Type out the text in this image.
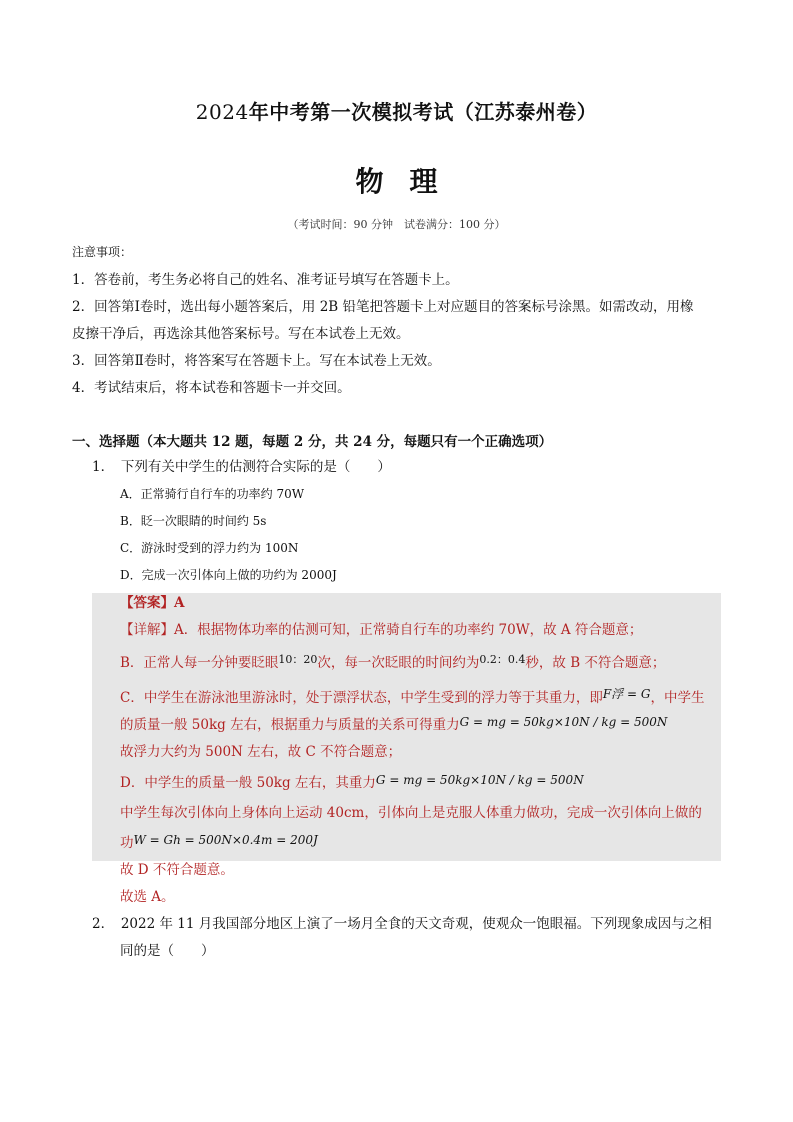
2024年中考第一次模拟考试（江苏泰州卷）
物理
（考试时间：90 分钟　试卷满分：100 分）
注意事项：
1．答卷前，考生务必将自己的姓名、准考证号填写在答题卡上。
2．回答第Ⅰ卷时，选出每小题答案后，用 2B 铅笔把答题卡上对应题目的答案标号涂黑。如需改动，用橡
皮擦干净后，再选涂其他答案标号。写在本试卷上无效。
3．回答第Ⅱ卷时，将答案写在答题卡上。写在本试卷上无效。
4．考试结束后，将本试卷和答题卡一并交回。
一、选择题（本大题共 12 题，每题 2 分，共 24 分，每题只有一个正确选项）
1．　下列有关中学生的估测符合实际的是（　　）
A．正常骑行自行车的功率约 70W
B．眨一次眼睛的时间约 5s
C．游泳时受到的浮力约为 100N
D．完成一次引体向上做的功约为 2000J
【答案】A
【详解】A．根据物体功率的估测可知，正常骑自行车的功率约 70W，故 A 符合题意；
B．正常人每一分钟要眨眼$^{10:20}$次，每一次眨眼的时间约为$^{0.2:0.4}$秒，故 B 不符合题意；
C．中学生在游泳池里游泳时，处于漂浮状态，中学生受到的浮力等于其重力，即F浮 = G，中学生
的质量一般 50kg 左右，根据重力与质量的关系可得重力G = mg = 50kg×10N / kg = 500N
故浮力大约为 500N 左右，故 C 不符合题意；
D．中学生的质量一般 50kg 左右，其重力G = mg = 50kg×10N / kg = 500N
中学生每次引体向上身体向上运动 40cm，引体向上是克服人体重力做功，完成一次引体向上做的
功W = Gh = 500N×0.4m = 200J
故 D 不符合题意。
故选 A。
2．　2022 年 11 月我国部分地区上演了一场月全食的天文奇观，使观众一饱眼福。下列现象成因与之相
同的是（　　）
